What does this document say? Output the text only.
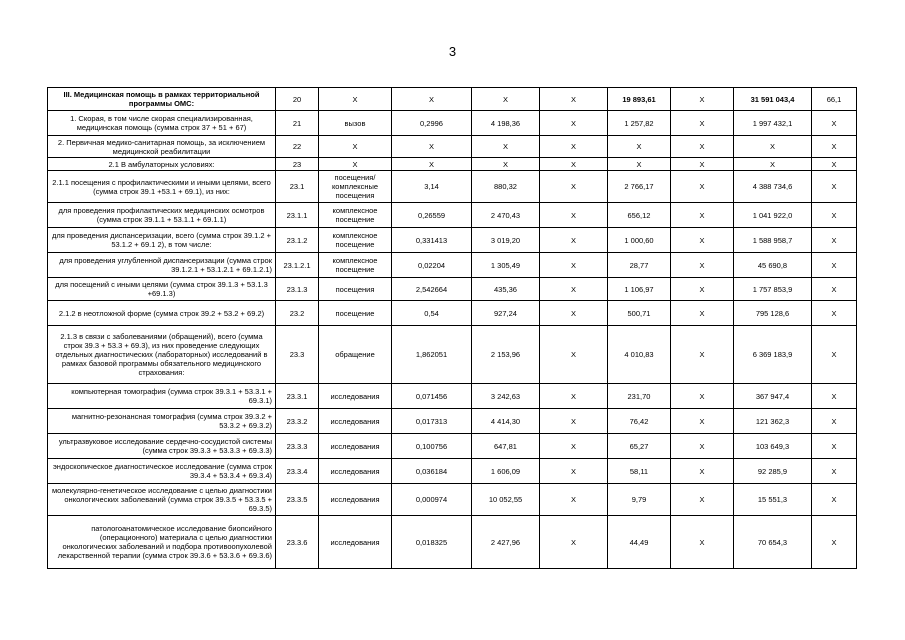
3
III. Медицинская помощь в рамках территориальной программы ОМС:	20	X	X	X	X	19 893,61	X	31 591 043,4	66,1
1. Скорая, в том числе скорая специализированная, медицинская помощь (сумма строк 37 + 51 + 67)	21	вызов	0,2996	4 198,36	X	1 257,82	X	1 997 432,1	X
2. Первичная медико-санитарная помощь, за исключением медицинской реабилитации	22	X	X	X	X	X	X	X	X
2.1 В амбулаторных условиях:	23	X	X	X	X	X	X	X	X
2.1.1 посещения с профилактическими и иными целями, всего (сумма строк 39.1 +53.1 + 69.1), из них:	23.1	посещения/ комплексные посещения	3,14	880,32	X	2 766,17	X	4 388 734,6	X
для проведения профилактических медицинских осмотров (сумма строк 39.1.1 + 53.1.1 + 69.1.1)	23.1.1	комплексное посещение	0,26559	2 470,43	X	656,12	X	1 041 922,0	X
для проведения диспансеризации, всего (сумма строк 39.1.2 + 53.1.2 + 69.1 2), в том числе:	23.1.2	комплексное посещение	0,331413	3 019,20	X	1 000,60	X	1 588 958,7	X
для проведения углубленной диспансеризации (сумма строк 39.1.2.1 + 53.1.2.1 + 69.1.2.1)	23.1.2.1	комплексное посещение	0,02204	1 305,49	X	28,77	X	45 690,8	X
для посещений с иными целями (сумма строк 39.1.3 + 53.1.3 +69.1.3)	23.1.3	посещения	2,542664	435,36	X	1 106,97	X	1 757 853,9	X
2.1.2 в неотложной форме (сумма строк 39.2 + 53.2 + 69.2)	23.2	посещение	0,54	927,24	X	500,71	X	795 128,6	X
2.1.3 в связи с заболеваниями (обращений), всего (сумма строк 39.3 + 53.3 + 69.3), из них проведение следующих отдельных диагностических (лабораторных) исследований в рамках базовой программы обязательного медицинского страхования:	23.3	обращение	1,862051	2 153,96	X	4 010,83	X	6 369 183,9	X
компьютерная томография (сумма строк 39.3.1 + 53.3.1 + 69.3.1)	23.3.1	исследования	0,071456	3 242,63	X	231,70	X	367 947,4	X
магнитно-резонансная томография (сумма строк 39.3.2 + 53.3.2 + 69.3.2)	23.3.2	исследования	0,017313	4 414,30	X	76,42	X	121 362,3	X
ультразвуковое исследование сердечно-сосудистой системы (сумма строк 39.3.3 + 53.3.3 + 69.3.3)	23.3.3	исследования	0,100756	647,81	X	65,27	X	103 649,3	X
эндоскопическое диагностическое исследование (сумма строк 39.3.4 + 53.3.4 + 69.3.4)	23.3.4	исследования	0,036184	1 606,09	X	58,11	X	92 285,9	X
молекулярно-генетическое исследование с целью диагностики онкологических заболеваний (сумма строк 39.3.5 + 53.3.5 + 69.3.5)	23.3.5	исследования	0,000974	10 052,55	X	9,79	X	15 551,3	X
патологоанатомическое исследование биопсийного (операционного) материала с целью диагностики онкологических заболеваний и подбора противоопухолевой лекарственной терапии (сумма строк 39.3.6 + 53.3.6 + 69.3.6)	23.3.6	исследования	0,018325	2 427,96	X	44,49	X	70 654,3	X
